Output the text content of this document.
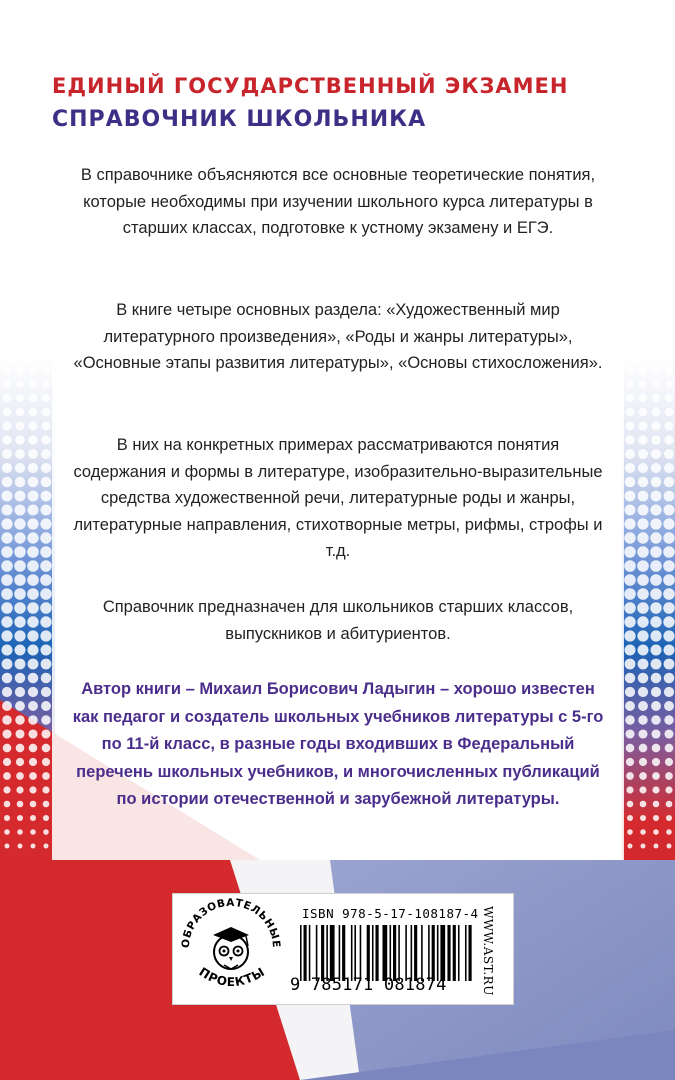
ЕДИНЫЙ ГОСУДАРСТВЕННЫЙ ЭКЗАМЕН
СПРАВОЧНИК ШКОЛЬНИКА

В справочнике объясняются все основные теоретические понятия, которые необходимы при изучении школьного курса литературы в старших классах, подготовке к устному экзамену и ЕГЭ.

В книге четыре основных раздела: «Художественный мир литературного произведения», «Роды и жанры литературы», «Основные этапы развития литературы», «Основы стихосложения».

В них на конкретных примерах рассматриваются понятия содержания и формы в литературе, изобразительно-выразительные средства художественной речи, литературные роды и жанры, литературные направления, стихотворные метры, рифмы, строфы и т.д.

Справочник предназначен для школьников старших классов, выпускников и абитуриентов.

Автор книги – Михаил Борисович Ладыгин – хорошо известен как педагог и создатель школьных учебников литературы с 5-го по 11-й класс, в разные годы входивших в Федеральный перечень школьных учебников, и многочисленных публикаций по истории отечественной и зарубежной литературы.

ОБРАЗОВАТЕЛЬНЫЕ
ПРОЕКТЫ
ISBN 978-5-17-108187-4
9 785171 081874	WWW.AST.RU
